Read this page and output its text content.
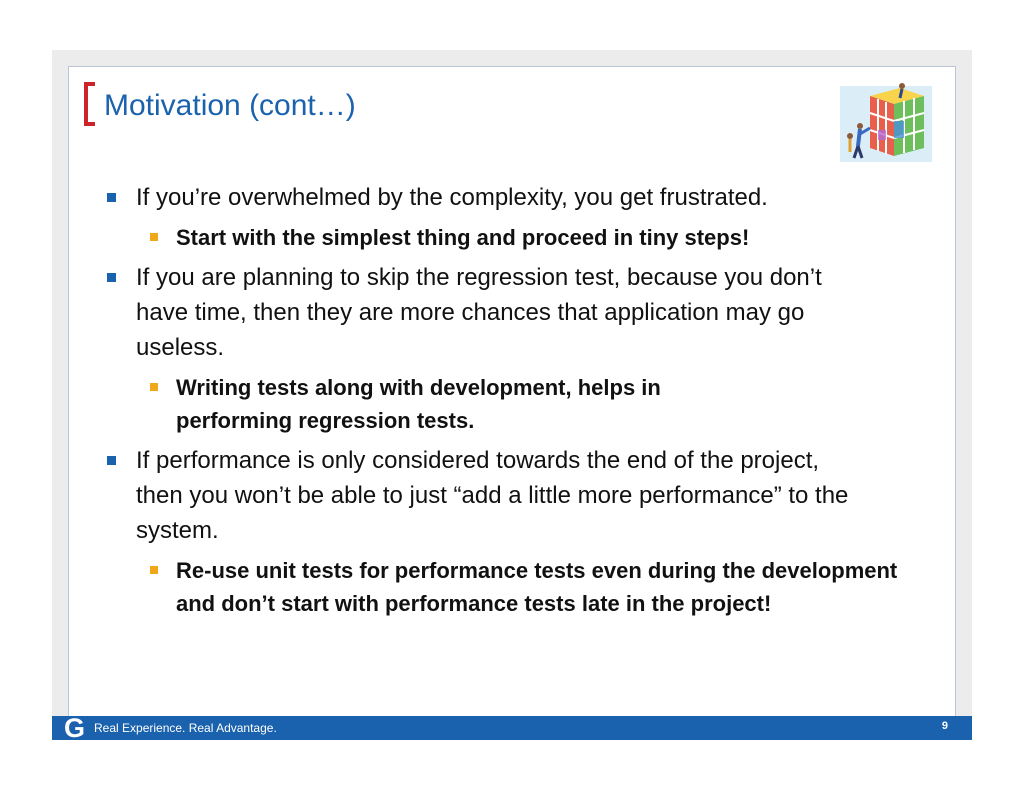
Motivation (cont…)
If you’re overwhelmed by the complexity, you get frustrated.
Start with the simplest thing and proceed in tiny steps!
If you are planning to skip the regression test, because you don’t have time, then they are more chances that application may go useless.
Writing tests along with development, helps in performing regression tests.
If performance is only considered towards the end of the project, then you won’t be able to just “add a little more performance” to the system.
Re-use unit tests for performance tests even during the development and don’t start with performance tests late in the project!
G Real Experience. Real Advantage.	9
